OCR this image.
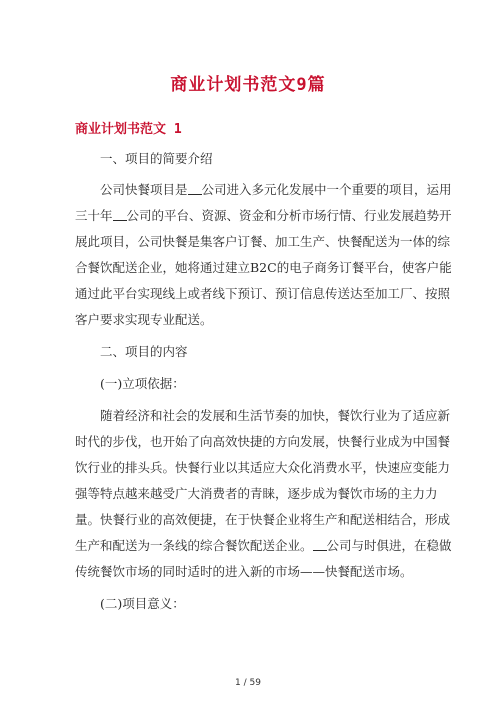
商业计划书范文9篇
商业计划书范文 1
一、项目的简要介绍
公司快餐项目是 公司进入多元化发展中一个重要的项目，运用
三十年 公司的平台、资源、资金和分析市场行情、行业发展趋势开
展此项目，公司快餐是集客户订餐、加工生产、快餐配送为一体的综
合餐饮配送企业，她将通过建立B2C的电子商务订餐平台，使客户能
通过此平台实现线上或者线下预订、预订信息传送达至加工厂、按照
客户要求实现专业配送。
二、项目的内容
(一)立项依据：
随着经济和社会的发展和生活节奏的加快，餐饮行业为了适应新
时代的步伐，也开始了向高效快捷的方向发展，快餐行业成为中国餐
饮行业的排头兵。快餐行业以其适应大众化消费水平，快速应变能力
强等特点越来越受广大消费者的青睐，逐步成为餐饮市场的主力力
量。快餐行业的高效便捷，在于快餐企业将生产和配送相结合，形成
生产和配送为一条线的综合餐饮配送企业。 公司与时俱进，在稳做
传统餐饮市场的同时适时的进入新的市场——快餐配送市场。
(二)项目意义：
1 / 59
